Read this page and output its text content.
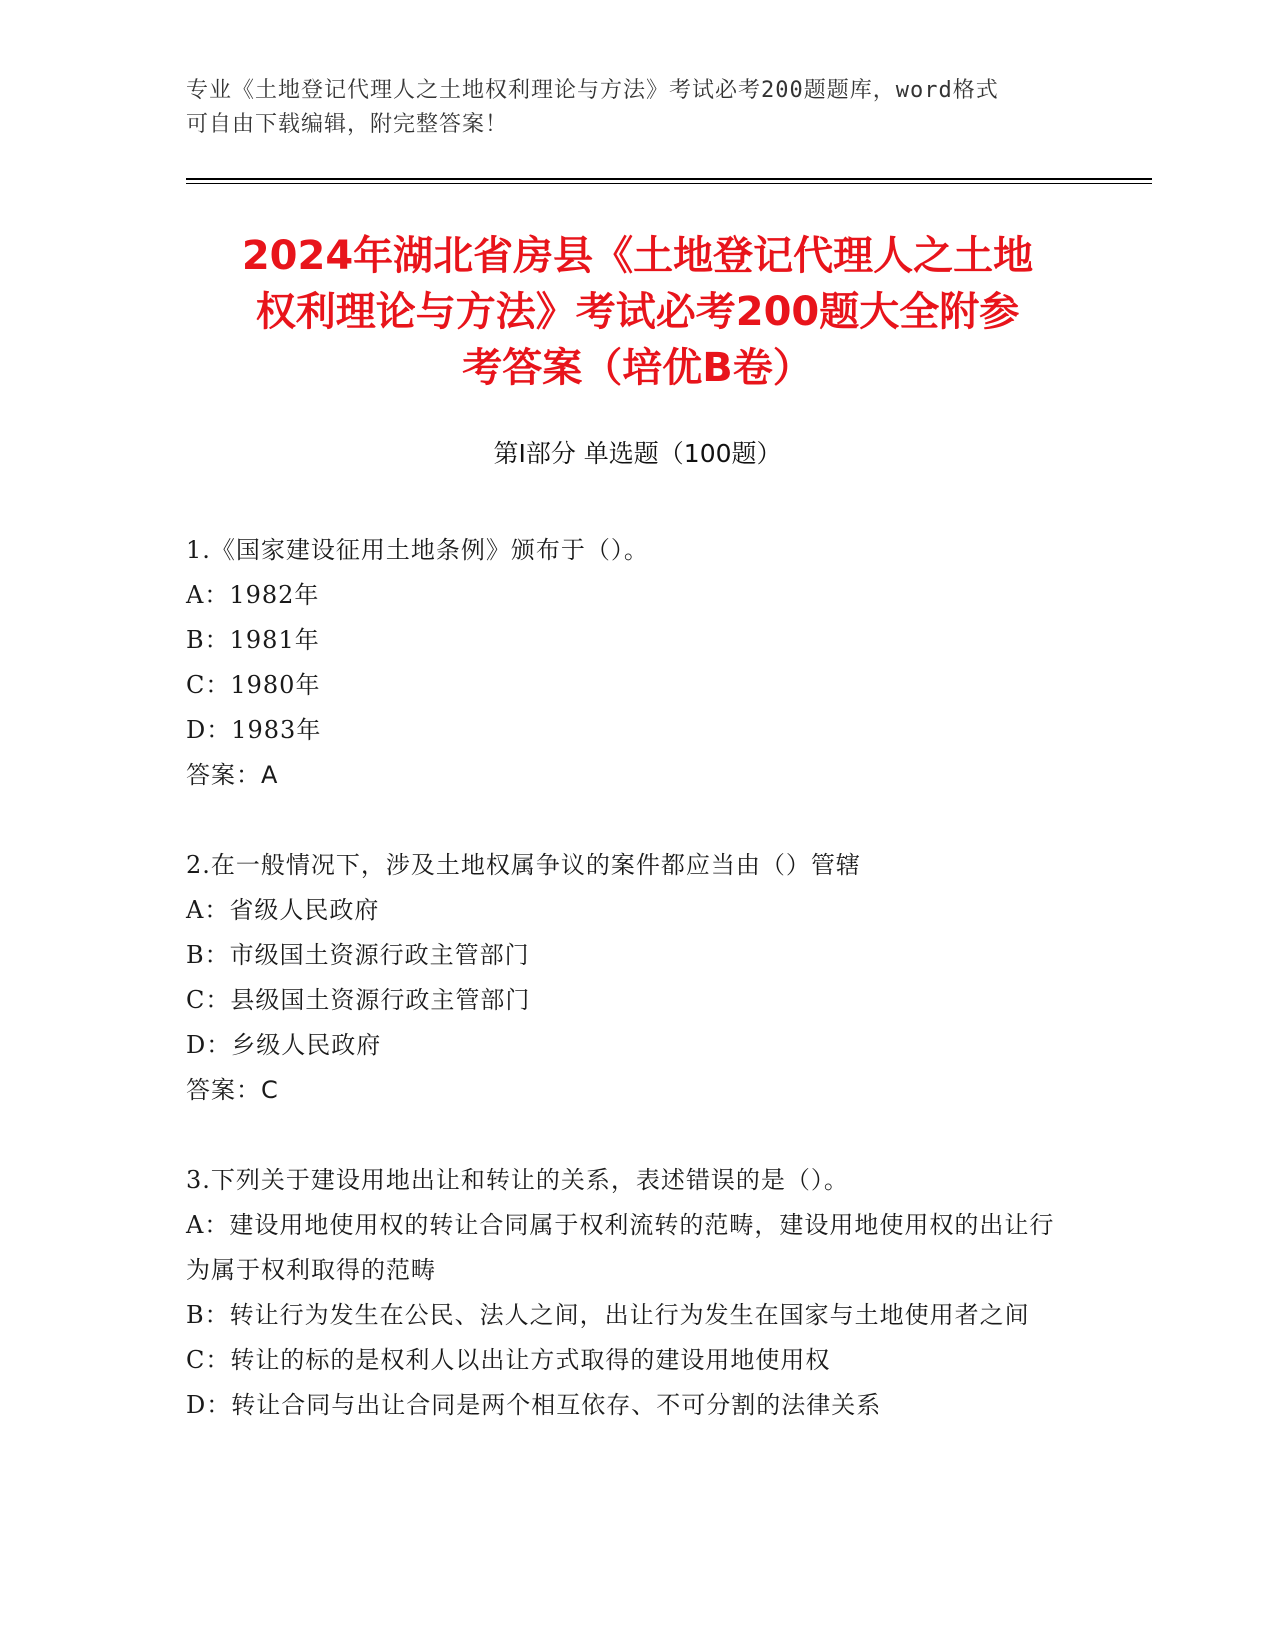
专业《土地登记代理人之土地权利理论与方法》考试必考200题题库，word格式
可自由下载编辑，附完整答案！
2024年湖北省房县《土地登记代理人之土地
权利理论与方法》考试必考200题大全附参
考答案（培优B卷）
第Ⅰ部分 单选题（100题）
1.《国家建设征用土地条例》颁布于（）。
A：1982年
B：1981年
C：1980年
D：1983年
答案：A
2.在一般情况下，涉及土地权属争议的案件都应当由（）管辖
A：省级人民政府
B：市级国土资源行政主管部门
C：县级国土资源行政主管部门
D：乡级人民政府
答案：C
3.下列关于建设用地出让和转让的关系，表述错误的是（）。
A：建设用地使用权的转让合同属于权利流转的范畴，建设用地使用权的出让行为属于权利取得的范畴
B：转让行为发生在公民、法人之间，出让行为发生在国家与土地使用者之间
C：转让的标的是权利人以出让方式取得的建设用地使用权
D：转让合同与出让合同是两个相互依存、不可分割的法律关系
